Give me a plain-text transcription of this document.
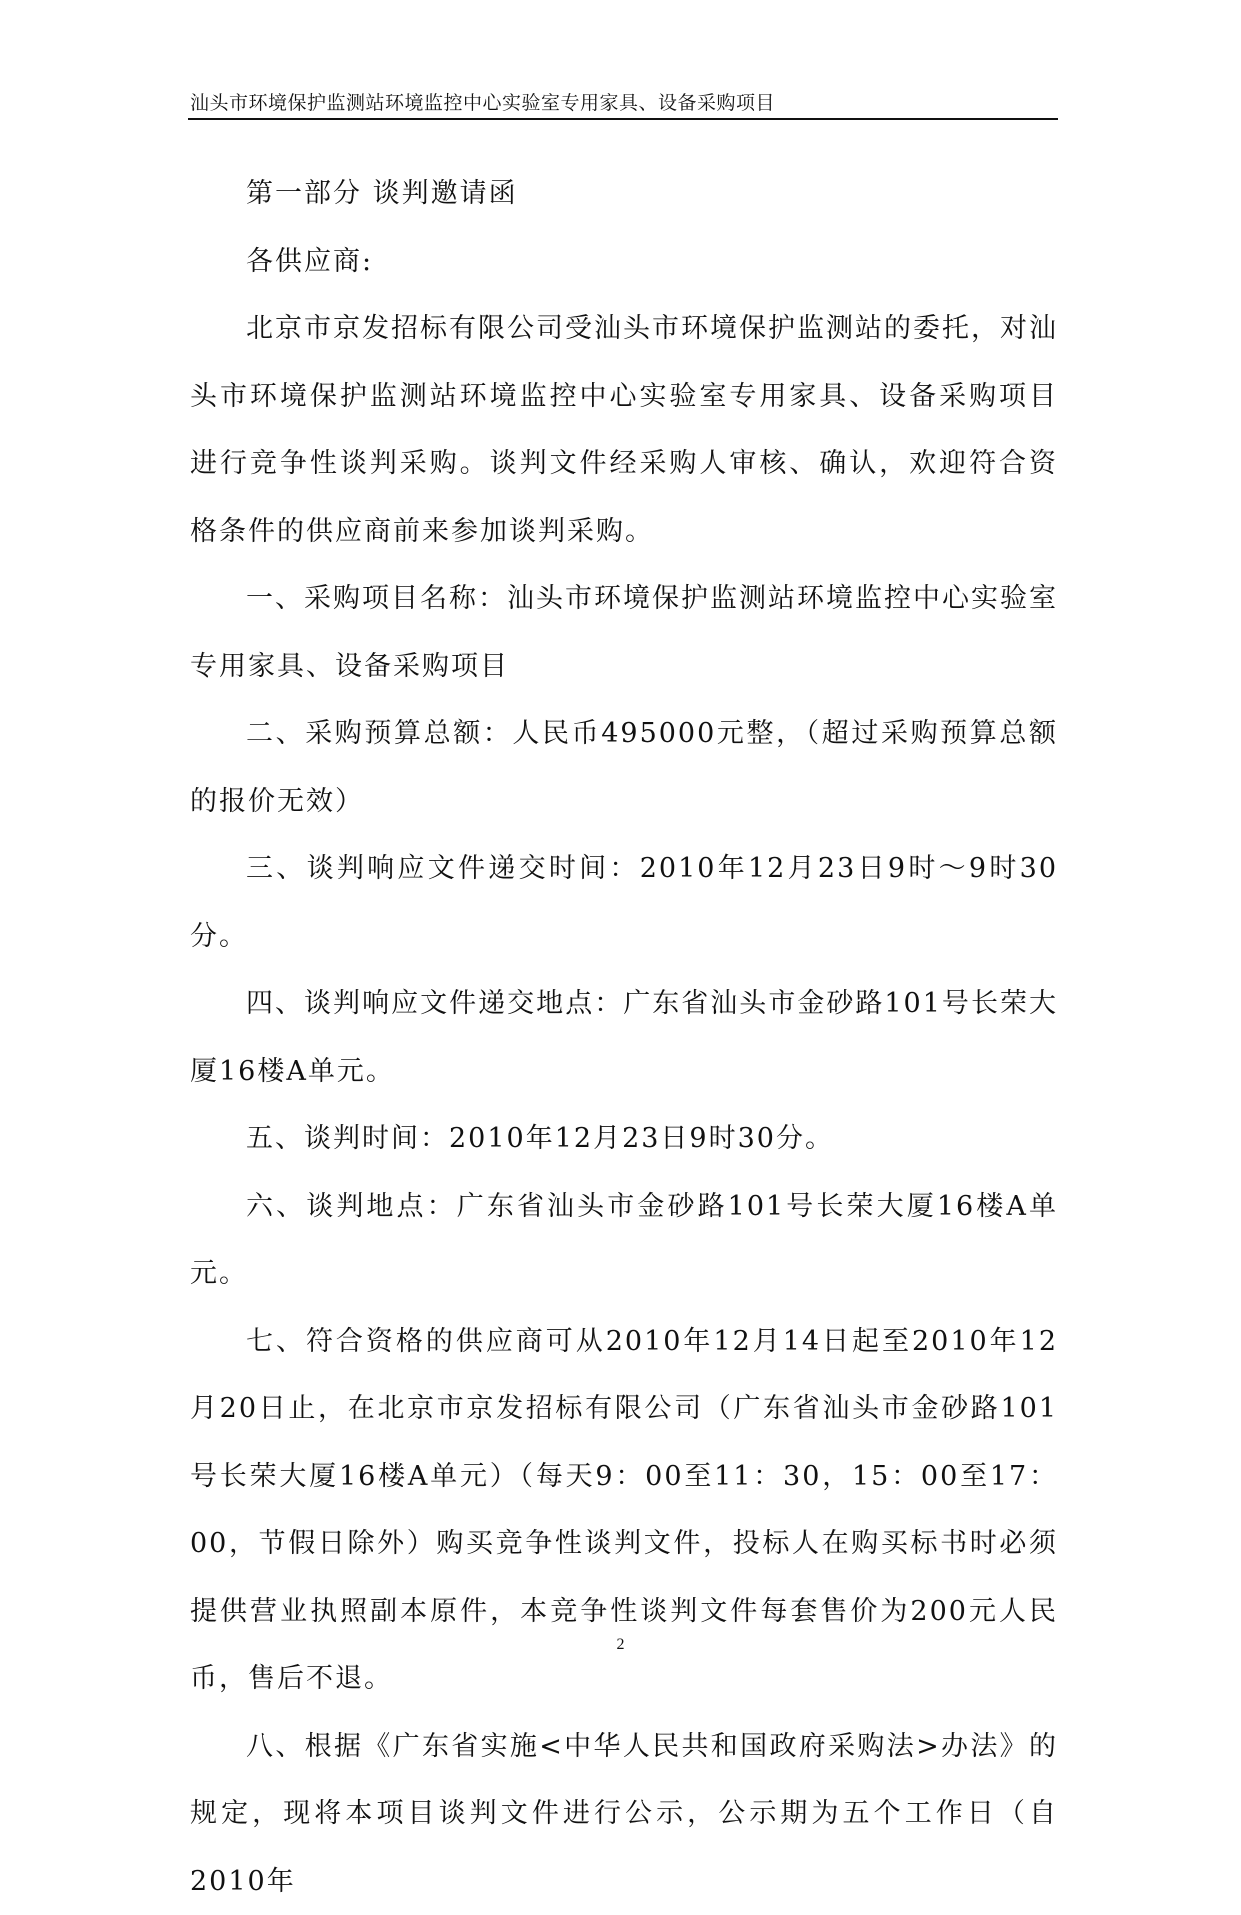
汕头市环境保护监测站环境监控中心实验室专用家具、设备采购项目

第一部分 谈判邀请函

各供应商:

北京市京发招标有限公司受汕头市环境保护监测站的委托，对汕头市环境保护监测站环境监控中心实验室专用家具、设备采购项目进行竞争性谈判采购。谈判文件经采购人审核、确认，欢迎符合资格条件的供应商前来参加谈判采购。

一、采购项目名称：汕头市环境保护监测站环境监控中心实验室专用家具、设备采购项目

二、采购预算总额：人民币495000元整，（超过采购预算总额的报价无效）

三、谈判响应文件递交时间：2010年12月23日9时～9时30分。

四、谈判响应文件递交地点：广东省汕头市金砂路101号长荣大厦16楼A单元。

五、谈判时间：2010年12月23日9时30分。

六、谈判地点：广东省汕头市金砂路101号长荣大厦16楼A单元。

七、符合资格的供应商可从2010年12月14日起至2010年12月20日止，在北京市京发招标有限公司（广东省汕头市金砂路101号长荣大厦16楼A单元）（每天9：00至11：30，15：00至17：00，节假日除外）购买竞争性谈判文件，投标人在购买标书时必须提供营业执照副本原件，本竞争性谈判文件每套售价为200元人民币，售后不退。

八、根据《广东省实施<中华人民共和国政府采购法>办法》的规定，现将本项目谈判文件进行公示，公示期为五个工作日（自2010年

2
